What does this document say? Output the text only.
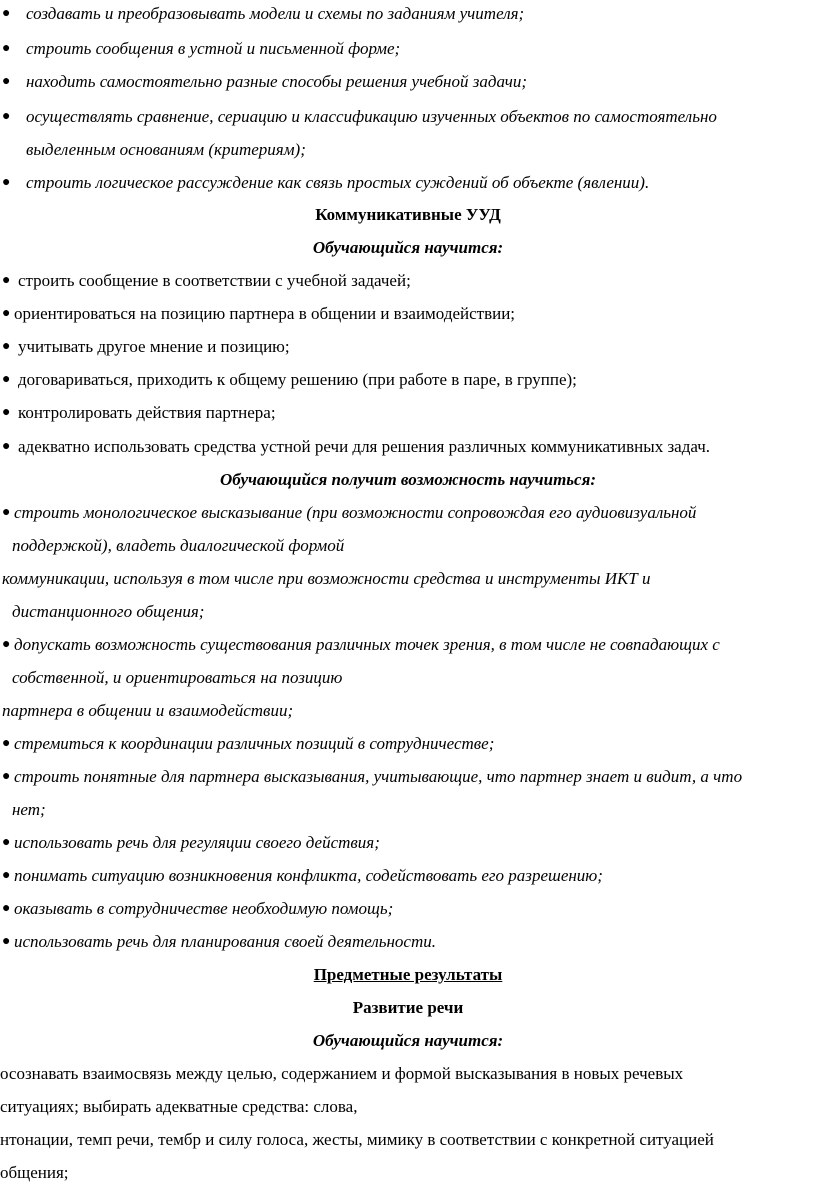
● создавать и преобразовывать модели и схемы по заданиям учителя;
● строить сообщения в устной и письменной форме;
● находить самостоятельно разные способы решения учебной задачи;
● осуществлять сравнение, сериацию и классификацию изученных объектов по самостоятельно
выделенным основаниям (критериям);
● строить логическое рассуждение как связь простых суждений об объекте (явлении).
Коммуникативные УУД
Обучающийся научится:
● строить сообщение в соответствии с учебной задачей;
● ориентироваться на позицию партнера в общении и взаимодействии;
● учитывать другое мнение и позицию;
● договариваться, приходить к общему решению (при работе в паре, в группе);
● контролировать действия партнера;
● адекватно использовать средства устной речи для решения различных коммуникативных задач.
Обучающийся получит возможность научиться:
● строить монологическое высказывание (при возможности сопровождая его аудиовизуальной
поддержкой), владеть диалогической формой
коммуникации, используя в том числе при возможности средства и инструменты ИКТ и
дистанционного общения;
● допускать возможность существования различных точек зрения, в том числе не совпадающих с
собственной, и ориентироваться на позицию
партнера в общении и взаимодействии;
● стремиться к координации различных позиций в сотрудничестве;
● строить понятные для партнера высказывания, учитывающие, что партнер знает и видит, а что
нет;
● использовать речь для регуляции своего действия;
● понимать ситуацию возникновения конфликта, содействовать его разрешению;
● оказывать в сотрудничестве необходимую помощь;
● использовать речь для планирования своей деятельности.
Предметные результаты
Развитие речи
Обучающийся научится:
осознавать взаимосвязь между целью, содержанием и формой высказывания в новых речевых
ситуациях; выбирать адекватные средства: слова,
нтонации, темп речи, тембр и силу голоса, жесты, мимику в соответствии с конкретной ситуацией
общения;
